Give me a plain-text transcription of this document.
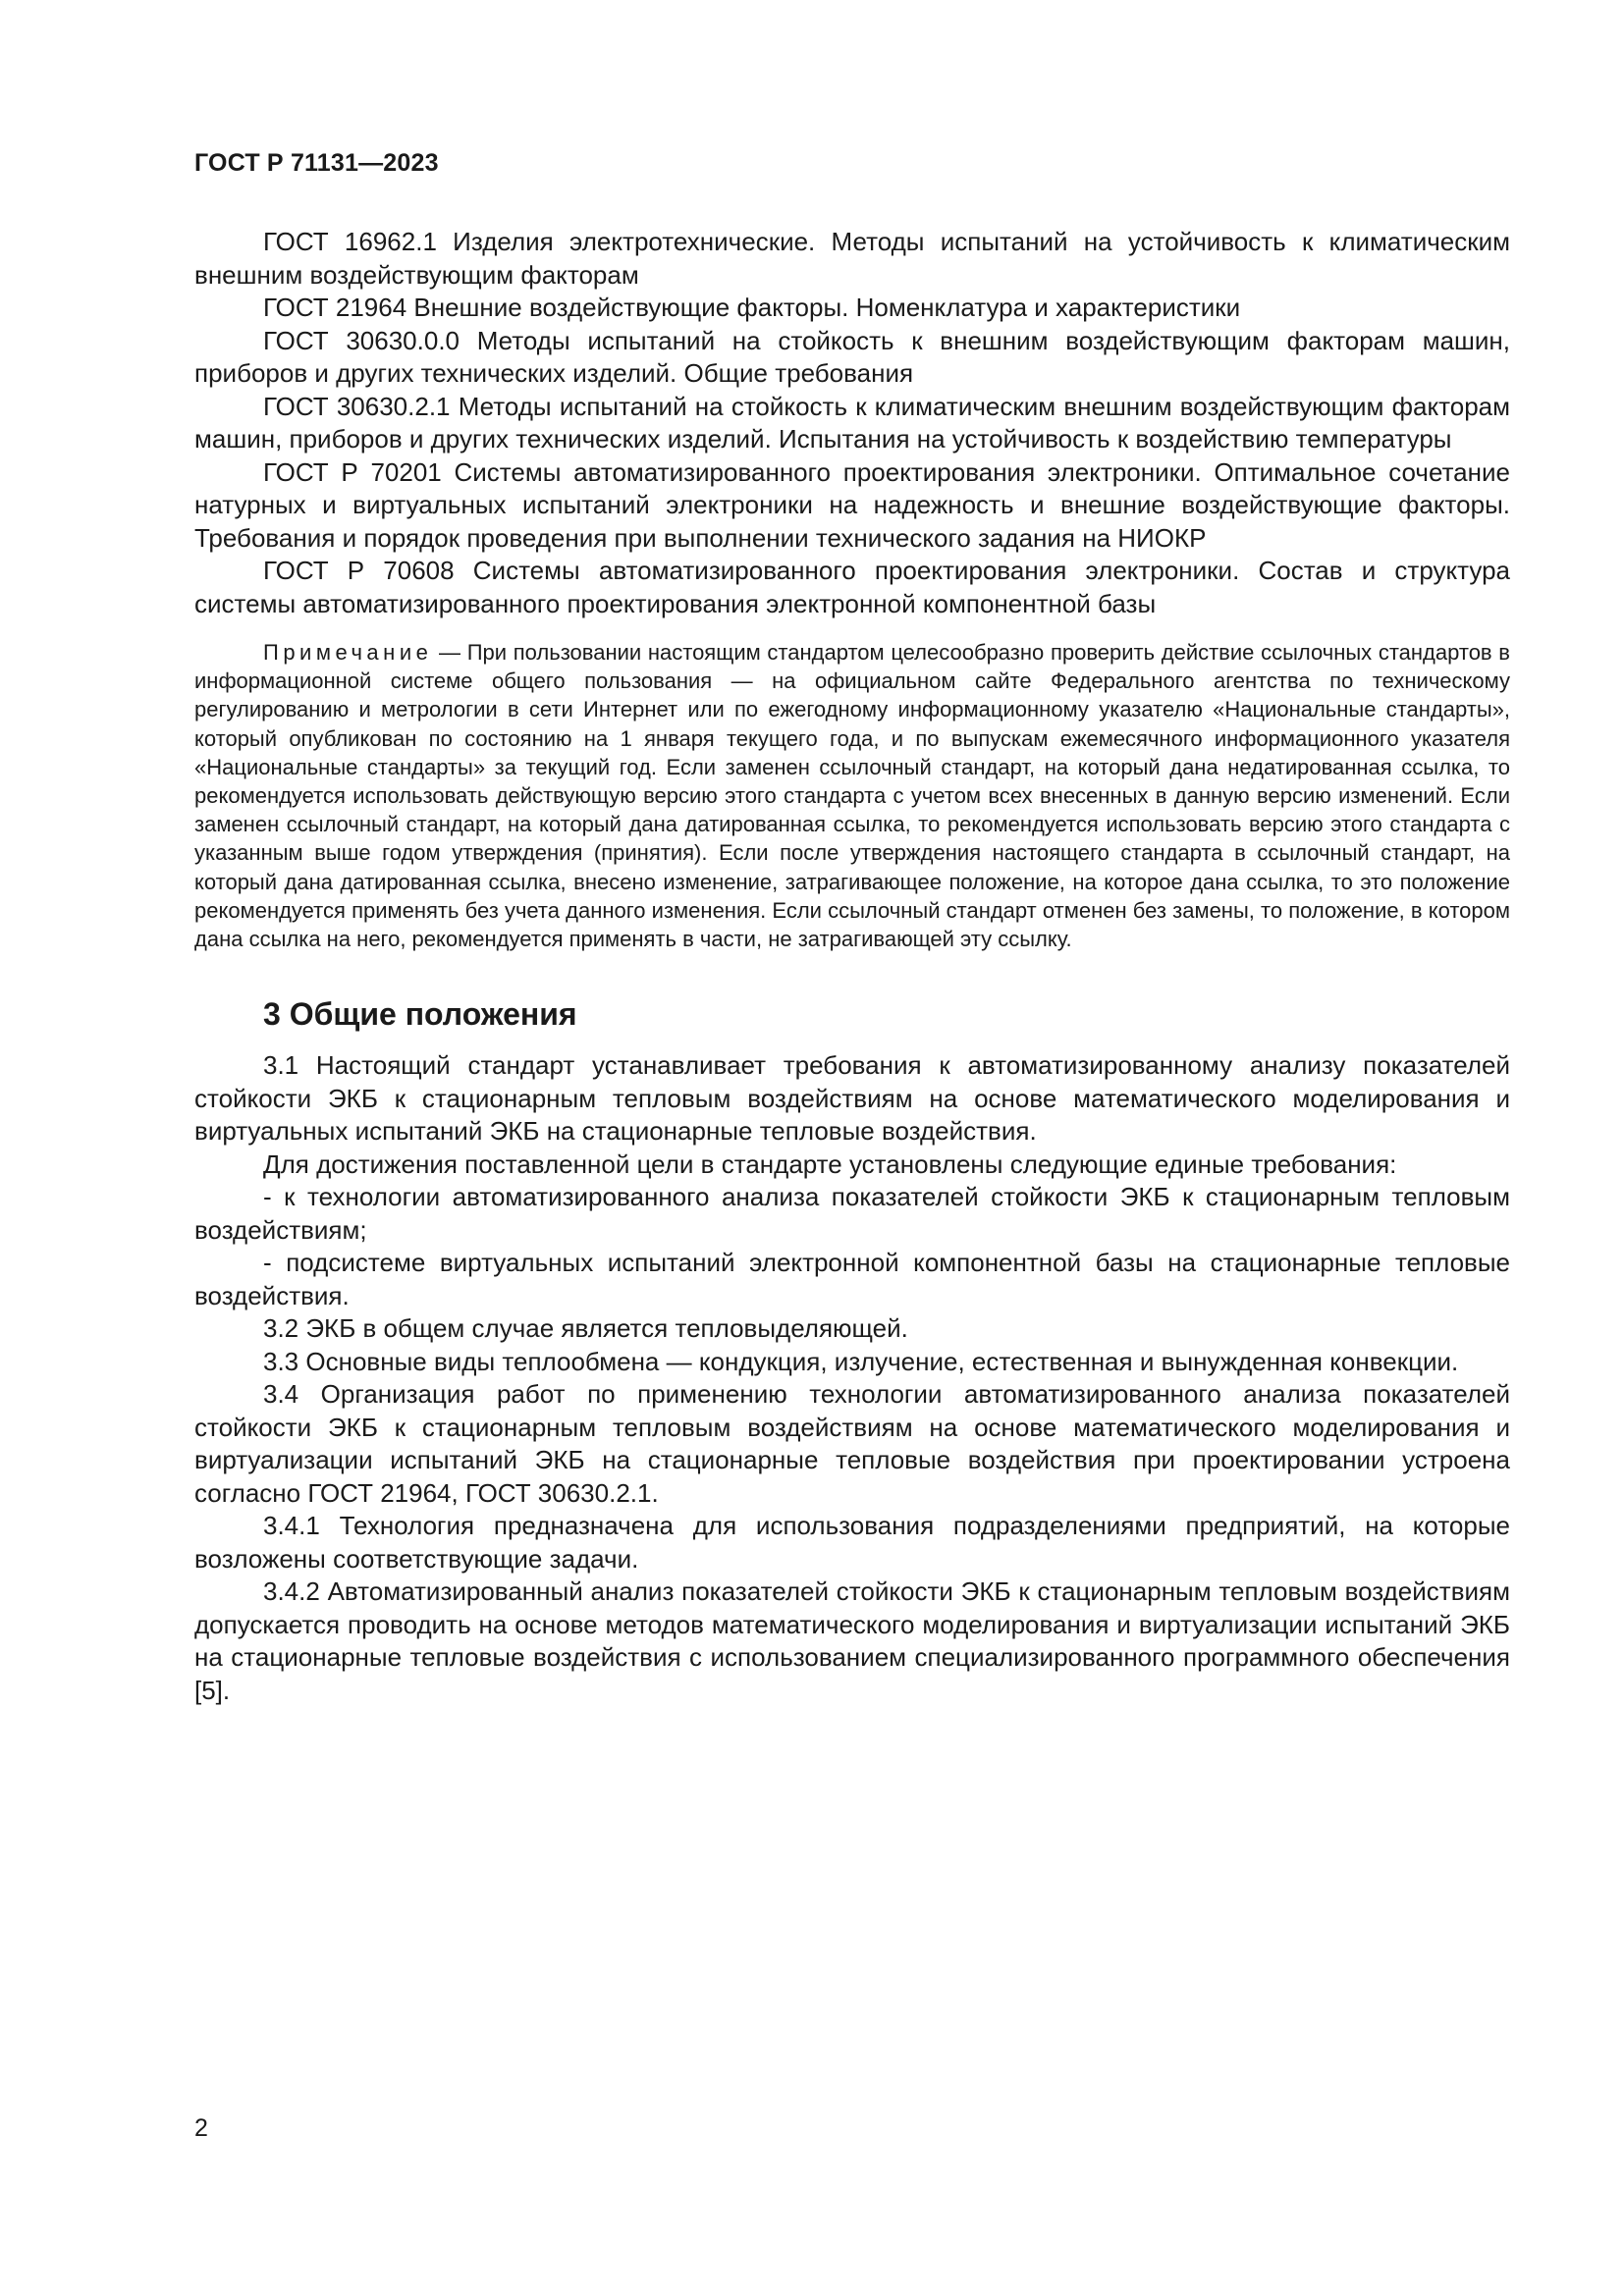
ГОСТ Р 71131—2023

ГОСТ 16962.1 Изделия электротехнические. Методы испытаний на устойчивость к климатическим внешним воздействующим факторам

ГОСТ 21964 Внешние воздействующие факторы. Номенклатура и характеристики

ГОСТ 30630.0.0 Методы испытаний на стойкость к внешним воздействующим факторам машин, приборов и других технических изделий. Общие требования

ГОСТ 30630.2.1 Методы испытаний на стойкость к климатическим внешним воздействующим факторам машин, приборов и других технических изделий. Испытания на устойчивость к воздействию температуры

ГОСТ Р 70201 Системы автоматизированного проектирования электроники. Оптимальное сочетание натурных и виртуальных испытаний электроники на надежность и внешние воздействующие факторы. Требования и порядок проведения при выполнении технического задания на НИОКР

ГОСТ Р 70608 Системы автоматизированного проектирования электроники. Состав и структура системы автоматизированного проектирования электронной компонентной базы

Примечание — При пользовании настоящим стандартом целесообразно проверить действие ссылочных стандартов в информационной системе общего пользования — на официальном сайте Федерального агентства по техническому регулированию и метрологии в сети Интернет или по ежегодному информационному указателю «Национальные стандарты», который опубликован по состоянию на 1 января текущего года, и по выпускам ежемесячного информационного указателя «Национальные стандарты» за текущий год. Если заменен ссылочный стандарт, на который дана недатированная ссылка, то рекомендуется использовать действующую версию этого стандарта с учетом всех внесенных в данную версию изменений. Если заменен ссылочный стандарт, на который дана датированная ссылка, то рекомендуется использовать версию этого стандарта с указанным выше годом утверждения (принятия). Если после утверждения настоящего стандарта в ссылочный стандарт, на который дана датированная ссылка, внесено изменение, затрагивающее положение, на которое дана ссылка, то это положение рекомендуется применять без учета данного изменения. Если ссылочный стандарт отменен без замены, то положение, в котором дана ссылка на него, рекомендуется применять в части, не затрагивающей эту ссылку.
3 Общие положения

3.1 Настоящий стандарт устанавливает требования к автоматизированному анализу показателей стойкости ЭКБ к стационарным тепловым воздействиям на основе математического моделирования и виртуальных испытаний ЭКБ на стационарные тепловые воздействия.

Для достижения поставленной цели в стандарте установлены следующие единые требования:

- к технологии автоматизированного анализа показателей стойкости ЭКБ к стационарным тепловым воздействиям;

- подсистеме виртуальных испытаний электронной компонентной базы на стационарные тепловые воздействия.

3.2 ЭКБ в общем случае является тепловыделяющей.

3.3 Основные виды теплообмена — кондукция, излучение, естественная и вынужденная конвекции.

3.4 Организация работ по применению технологии автоматизированного анализа показателей стойкости ЭКБ к стационарным тепловым воздействиям на основе математического моделирования и виртуализации испытаний ЭКБ на стационарные тепловые воздействия при проектировании устроена согласно ГОСТ 21964, ГОСТ 30630.2.1.

3.4.1 Технология предназначена для использования подразделениями предприятий, на которые возложены соответствующие задачи.

3.4.2 Автоматизированный анализ показателей стойкости ЭКБ к стационарным тепловым воздействиям допускается проводить на основе методов математического моделирования и виртуализации испытаний ЭКБ на стационарные тепловые воздействия с использованием специализированного программного обеспечения [5].

2
